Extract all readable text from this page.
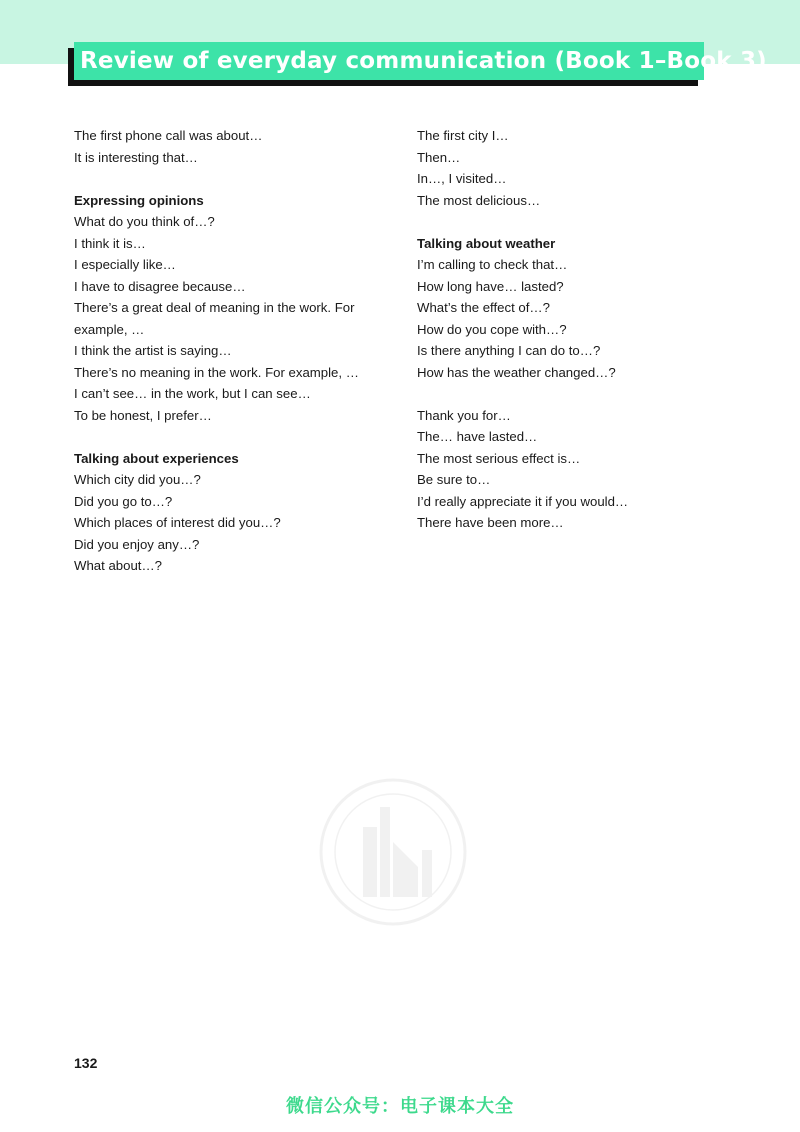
Review of everyday communication (Book 1–Book 3)
The first phone call was about…
It is interesting that…
Expressing opinions
What do you think of…?
I think it is…
I especially like…
I have to disagree because…
There’s a great deal of meaning in the work. For
example, …
I think the artist is saying…
There’s no meaning in the work. For example, …
I can’t see… in the work, but I can see…
To be honest, I prefer…
Talking about experiences
Which city did you…?
Did you go to…?
Which places of interest did you…?
Did you enjoy any…?
What about…?
The first city I…
Then…
In…, I visited…
The most delicious…
Talking about weather
I’m calling to check that…
How long have… lasted?
What’s the effect of…?
How do you cope with…?
Is there anything I can do to…?
How has the weather changed…?
Thank you for…
The… have lasted…
The most serious effect is…
Be sure to…
I’d really appreciate it if you would…
There have been more…
132
微信公众号：电子课本大全
